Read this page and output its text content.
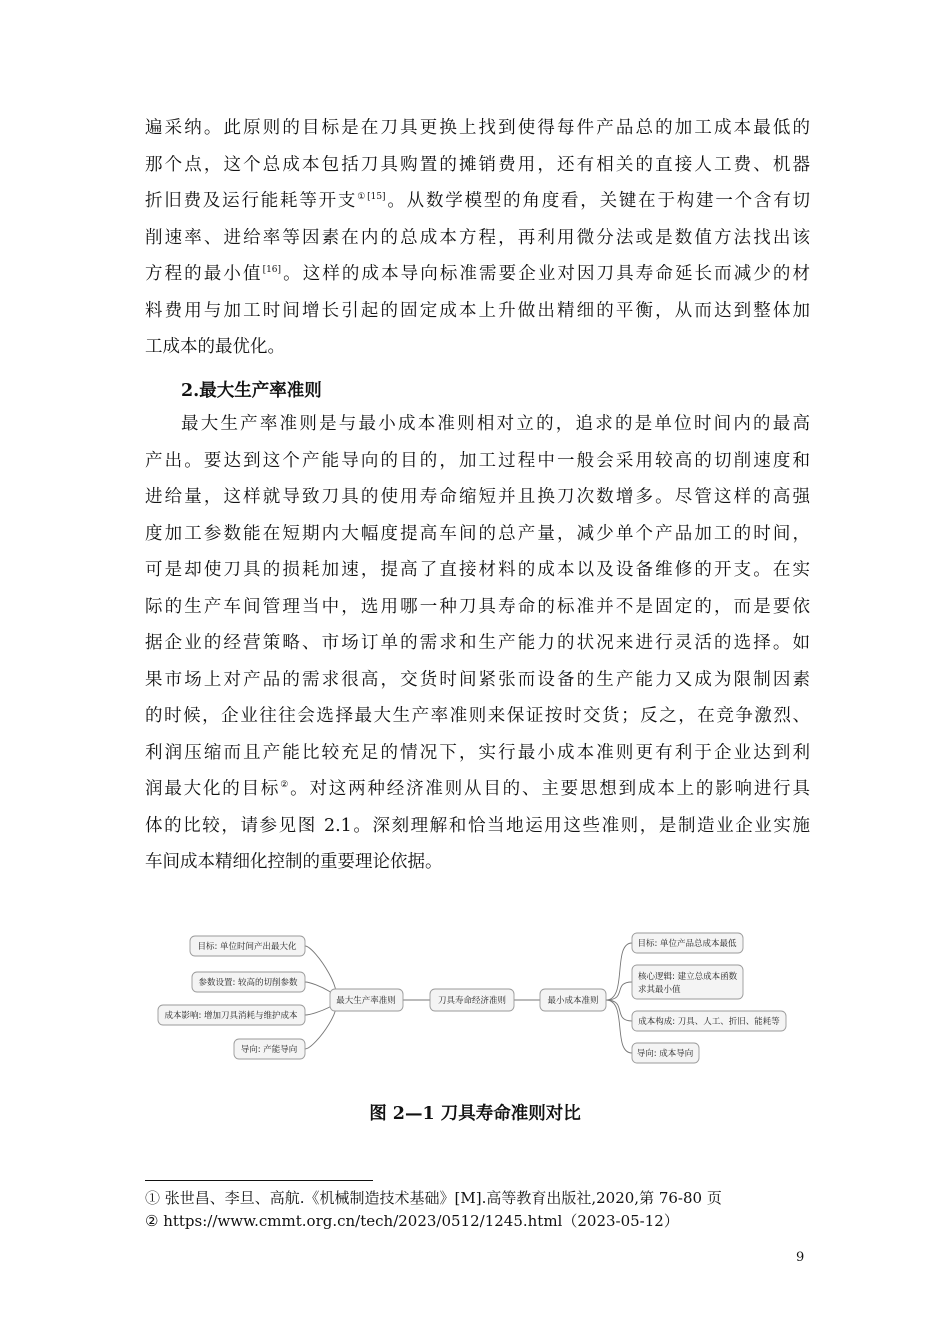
遍采纳。此原则的目标是在刀具更换上找到使得每件产品总的加工成本最低的
那个点，这个总成本包括刀具购置的摊销费用，还有相关的直接人工费、机器
折旧费及运行能耗等开支$^{①[15]}$。从数学模型的角度看，关键在于构建一个含有切
削速率、进给率等因素在内的总成本方程，再利用微分法或是数值方法找出该
方程的最小值[16]。这样的成本导向标准需要企业对因刀具寿命延长而减少的材
料费用与加工时间增长引起的固定成本上升做出精细的平衡，从而达到整体加
工成本的最优化。
2.最大生产率准则
最大生产率准则是与最小成本准则相对立的，追求的是单位时间内的最高
产出。要达到这个产能导向的目的，加工过程中一般会采用较高的切削速度和
进给量，这样就导致刀具的使用寿命缩短并且换刀次数增多。尽管这样的高强
度加工参数能在短期内大幅度提高车间的总产量，减少单个产品加工的时间，
可是却使刀具的损耗加速，提高了直接材料的成本以及设备维修的开支。在实
际的生产车间管理当中，选用哪一种刀具寿命的标准并不是固定的，而是要依
据企业的经营策略、市场订单的需求和生产能力的状况来进行灵活的选择。如
果市场上对产品的需求很高，交货时间紧张而设备的生产能力又成为限制因素
的时候，企业往往会选择最大生产率准则来保证按时交货；反之，在竞争激烈、
利润压缩而且产能比较充足的情况下，实行最小成本准则更有利于企业达到利
润最大化的目标②。对这两种经济准则从目的、主要思想到成本上的影响进行具
体的比较，请参见图 2.1。深刻理解和恰当地运用这些准则，是制造业企业实施
车间成本精细化控制的重要理论依据。
目标: 单位时间产出最大化
参数设置: 较高的切削参数
成本影响: 增加刀具消耗与维护成本
导向: 产能导向
最大生产率准则	刀具寿命经济准则	最小成本准则
目标: 单位产品总成本最低
核心逻辑: 建立总成本函数
求其最小值
成本构成: 刀具、人工、折旧、能耗等
导向: 成本导向
图 2—1 刀具寿命准则对比
① 张世昌、李旦、高航.《机械制造技术基础》[M].高等教育出版社,2020,第 76-80 页
② https://www.cmmt.org.cn/tech/2023/0512/1245.html（2023-05-12）
9
